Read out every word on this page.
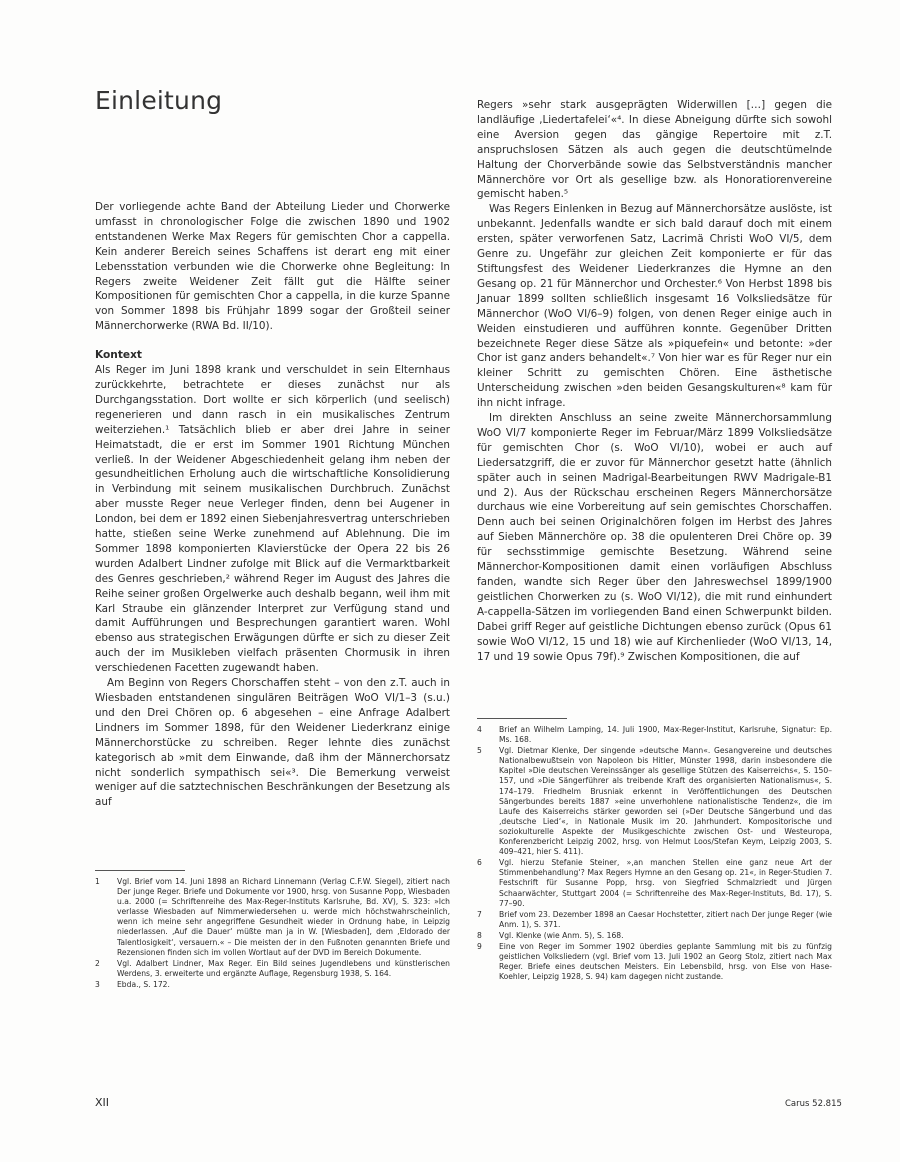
Einleitung

Der vorliegende achte Band der Abteilung Lieder und Chorwerke umfasst in chronologischer Folge die zwischen 1890 und 1902 entstandenen Werke Max Regers für gemischten Chor a cappella. Kein anderer Bereich seines Schaffens ist derart eng mit einer Lebensstation verbunden wie die Chorwerke ohne Begleitung: In Regers zweite Weidener Zeit fällt gut die Hälfte seiner Kompositionen für gemischten Chor a cappella, in die kurze Spanne von Sommer 1898 bis Frühjahr 1899 sogar der Großteil seiner Männerchorwerke (RWA Bd. II/10).

Kontext

Als Reger im Juni 1898 krank und verschuldet in sein Elternhaus zurückkehrte, betrachtete er dieses zunächst nur als Durchgangsstation. Dort wollte er sich körperlich (und seelisch) regenerieren und dann rasch in ein musikalisches Zentrum weiterziehen.¹ Tatsächlich blieb er aber drei Jahre in seiner Heimatstadt, die er erst im Sommer 1901 Richtung München verließ. In der Weidener Abgeschiedenheit gelang ihm neben der gesundheitlichen Erholung auch die wirtschaftliche Konsolidierung in Verbindung mit seinem musikalischen Durchbruch. Zunächst aber musste Reger neue Verleger finden, denn bei Augener in London, bei dem er 1892 einen Siebenjahresvertrag unterschrieben hatte, stießen seine Werke zunehmend auf Ablehnung. Die im Sommer 1898 komponierten Klavierstücke der Opera 22 bis 26 wurden Adalbert Lindner zufolge mit Blick auf die Vermarktbarkeit des Genres geschrieben,² während Reger im August des Jahres die Reihe seiner großen Orgelwerke auch deshalb begann, weil ihm mit Karl Straube ein glänzender Interpret zur Verfügung stand und damit Aufführungen und Besprechungen garantiert waren. Wohl ebenso aus strategischen Erwägungen dürfte er sich zu dieser Zeit auch der im Musikleben vielfach präsenten Chormusik in ihren verschiedenen Facetten zugewandt haben.

Am Beginn von Regers Chorschaffen steht – von den z.T. auch in Wiesbaden entstandenen singulären Beiträgen WoO VI/1–3 (s.u.) und den Drei Chören op. 6 abgesehen – eine Anfrage Adalbert Lindners im Sommer 1898, für den Weidener Liederkranz einige Männerchorstücke zu schreiben. Reger lehnte dies zunächst kategorisch ab »mit dem Einwande, daß ihm der Männerchorsatz nicht sonderlich sympathisch sei«³. Die Bemerkung verweist weniger auf die satztechnischen Beschränkungen der Besetzung als auf

1	Vgl. Brief vom 14. Juni 1898 an Richard Linnemann (Verlag C.F.W. Siegel), zitiert nach Der junge Reger. Briefe und Dokumente vor 1900, hrsg. von Susanne Popp, Wiesbaden u.a. 2000 (= Schriftenreihe des Max-Reger-Instituts Karlsruhe, Bd. XV), S. 323: »Ich verlasse Wiesbaden auf Nimmerwiedersehen u. werde mich höchstwahrscheinlich, wenn ich meine sehr angegriffene Gesundheit wieder in Ordnung habe, in Leipzig niederlassen. ‚Auf die Dauer‘ müßte man ja in W. [Wiesbaden], dem ‚Eldorado der Talentlosigkeit‘, versauern.« – Die meisten der in den Fußnoten genannten Briefe und Rezensionen finden sich im vollen Wortlaut auf der DVD im Bereich Dokumente.
2	Vgl. Adalbert Lindner, Max Reger. Ein Bild seines Jugendlebens und künstlerischen Werdens, 3. erweiterte und ergänzte Auflage, Regensburg 1938, S. 164.
3	Ebda., S. 172.

Regers »sehr stark ausgeprägten Widerwillen […] gegen die landläufige ‚Liedertafelei‘«⁴. In diese Abneigung dürfte sich sowohl eine Aversion gegen das gängige Repertoire mit z.T. anspruchslosen Sätzen als auch gegen die deutschtümelnde Haltung der Chorverbände sowie das Selbstverständnis mancher Männerchöre vor Ort als gesellige bzw. als Honoratiorenvereine gemischt haben.⁵

Was Regers Einlenken in Bezug auf Männerchorsätze auslöste, ist unbekannt. Jedenfalls wandte er sich bald darauf doch mit einem ersten, später verworfenen Satz, Lacrimä Christi WoO VI/5, dem Genre zu. Ungefähr zur gleichen Zeit komponierte er für das Stiftungsfest des Weidener Liederkranzes die Hymne an den Gesang op. 21 für Männerchor und Orchester.⁶ Von Herbst 1898 bis Januar 1899 sollten schließlich insgesamt 16 Volksliedsätze für Männerchor (WoO VI/6–9) folgen, von denen Reger einige auch in Weiden einstudieren und aufführen konnte. Gegenüber Dritten bezeichnete Reger diese Sätze als »piquefein« und betonte: »der Chor ist ganz anders behandelt«.⁷ Von hier war es für Reger nur ein kleiner Schritt zu gemischten Chören. Eine ästhetische Unterscheidung zwischen »den beiden Gesangskulturen«⁸ kam für ihn nicht infrage.

Im direkten Anschluss an seine zweite Männerchorsammlung WoO VI/7 komponierte Reger im Februar/März 1899 Volksliedsätze für gemischten Chor (s. WoO VI/10), wobei er auch auf Liedersatzgriff, die er zuvor für Männerchor gesetzt hatte (ähnlich später auch in seinen Madrigal-Bearbeitungen RWV Madrigale-B1 und 2). Aus der Rückschau erscheinen Regers Männerchorsätze durchaus wie eine Vorbereitung auf sein gemischtes Chorschaffen. Denn auch bei seinen Originalchören folgen im Herbst des Jahres auf Sieben Männerchöre op. 38 die opulenteren Drei Chöre op. 39 für sechsstimmige gemischte Besetzung. Während seine Männerchor-Kompositionen damit einen vorläufigen Abschluss fanden, wandte sich Reger über den Jahreswechsel 1899/1900 geistlichen Chorwerken zu (s. WoO VI/12), die mit rund einhundert A-cappella-Sätzen im vorliegenden Band einen Schwerpunkt bilden. Dabei griff Reger auf geistliche Dichtungen ebenso zurück (Opus 61 sowie WoO VI/12, 15 und 18) wie auf Kirchenlieder (WoO VI/13, 14, 17 und 19 sowie Opus 79f).⁹ Zwischen Kompositionen, die auf

4	Brief an Wilhelm Lamping, 14. Juli 1900, Max-Reger-Institut, Karlsruhe, Signatur: Ep. Ms. 168.
5	Vgl. Dietmar Klenke, Der singende »deutsche Mann«. Gesangvereine und deutsches Nationalbewußtsein von Napoleon bis Hitler, Münster 1998, darin insbesondere die Kapitel »Die deutschen Vereinssänger als gesellige Stützen des Kaiserreichs«, S. 150–157, und »Die Sängerführer als treibende Kraft des organisierten Nationalismus«, S. 174–179. Friedhelm Brusniak erkennt in Veröffentlichungen des Deutschen Sängerbundes bereits 1887 »eine unverhohlene nationalistische Tendenz«, die im Laufe des Kaiserreichs stärker geworden sei (»Der Deutsche Sängerbund und das ‚deutsche Lied‘«, in Nationale Musik im 20. Jahrhundert. Kompositorische und soziokulturelle Aspekte der Musikgeschichte zwischen Ost- und Westeuropa, Konferenzbericht Leipzig 2002, hrsg. von Helmut Loos/Stefan Keym, Leipzig 2003, S. 409–421, hier S. 411).
6	Vgl. hierzu Stefanie Steiner, »‚an manchen Stellen eine ganz neue Art der Stimmenbehandlung‘? Max Regers Hymne an den Gesang op. 21«, in Reger-Studien 7. Festschrift für Susanne Popp, hrsg. von Siegfried Schmalzriedt und Jürgen Schaarwächter, Stuttgart 2004 (= Schriftenreihe des Max-Reger-Instituts, Bd. 17), S. 77–90.
7	Brief vom 23. Dezember 1898 an Caesar Hochstetter, zitiert nach Der junge Reger (wie Anm. 1), S. 371.
8	Vgl. Klenke (wie Anm. 5), S. 168.
9	Eine von Reger im Sommer 1902 überdies geplante Sammlung mit bis zu fünfzig geistlichen Volksliedern (vgl. Brief vom 13. Juli 1902 an Georg Stolz, zitiert nach Max Reger. Briefe eines deutschen Meisters. Ein Lebensbild, hrsg. von Else von Hase-Koehler, Leipzig 1928, S. 94) kam dagegen nicht zustande.
XII	Carus 52.815
